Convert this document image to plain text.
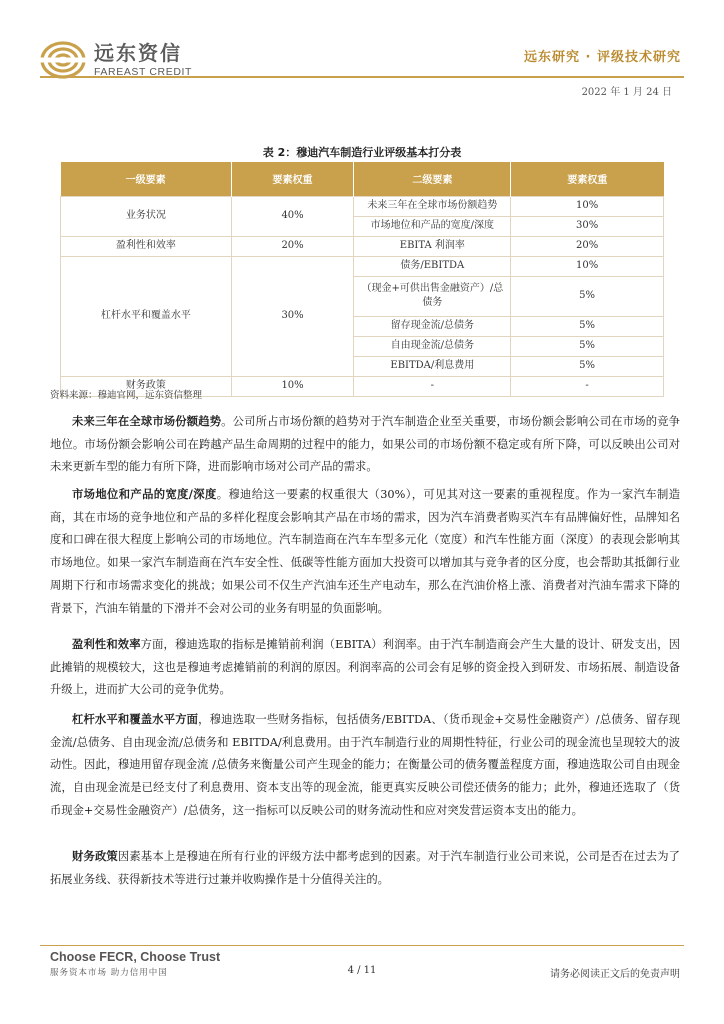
远东资信
FAREAST CREDIT
远东研究 · 评级技术研究
2022 年 1 月 24 日
表 2：穆迪汽车制造行业评级基本打分表
一级要素	要素权重	二级要素	要素权重
业务状况	40%	未来三年在全球市场份额趋势	10%
		市场地位和产品的宽度/深度	30%
盈利性和效率	20%	EBITA 利润率	20%
杠杆水平和覆盖水平	30%	债务/EBITDA	10%
		（现金+可供出售金融资产）/总债务	5%
		留存现金流/总债务	5%
		自由现金流/总债务	5%
		EBITDA/利息费用	5%
财务政策	10%	-	-
资料来源：穆迪官网，远东资信整理

未来三年在全球市场份额趋势。公司所占市场份额的趋势对于汽车制造企业至关重要，市场份额会影响公司在市场的竞争地位。市场份额会影响公司在跨越产品生命周期的过程中的能力，如果公司的市场份额不稳定或有所下降，可以反映出公司对未来更新车型的能力有所下降，进而影响市场对公司产品的需求。

市场地位和产品的宽度/深度。穆迪给这一要素的权重很大（30%），可见其对这一要素的重视程度。作为一家汽车制造商，其在市场的竞争地位和产品的多样化程度会影响其产品在市场的需求，因为汽车消费者购买汽车有品牌偏好性，品牌知名度和口碑在很大程度上影响公司的市场地位。汽车制造商在汽车车型多元化（宽度）和汽车性能方面（深度）的表现会影响其市场地位。如果一家汽车制造商在汽车安全性、低碳等性能方面加大投资可以增加其与竞争者的区分度，也会帮助其抵御行业周期下行和市场需求变化的挑战；如果公司不仅生产汽油车还生产电动车，那么在汽油价格上涨、消费者对汽油车需求下降的背景下，汽油车销量的下滑并不会对公司的业务有明显的负面影响。

盈利性和效率方面，穆迪选取的指标是摊销前利润（EBITA）利润率。由于汽车制造商会产生大量的设计、研发支出，因此摊销的规模较大，这也是穆迪考虑摊销前的利润的原因。利润率高的公司会有足够的资金投入到研发、市场拓展、制造设备升级上，进而扩大公司的竞争优势。

杠杆水平和覆盖水平方面，穆迪选取一些财务指标，包括债务/EBITDA、（货币现金+交易性金融资产）/总债务、留存现金流/总债务、自由现金流/总债务和 EBITDA/利息费用。由于汽车制造行业的周期性特征，行业公司的现金流也呈现较大的波动性。因此，穆迪用留存现金流 /总债务来衡量公司产生现金的能力；在衡量公司的债务覆盖程度方面，穆迪选取公司自由现金流，自由现金流是已经支付了利息费用、资本支出等的现金流，能更真实反映公司偿还债务的能力；此外，穆迪还选取了（货币现金+交易性金融资产）/总债务，这一指标可以反映公司的财务流动性和应对突发营运资本支出的能力。

财务政策因素基本上是穆迪在所有行业的评级方法中都考虑到的因素。对于汽车制造行业公司来说，公司是否在过去为了拓展业务线、获得新技术等进行过兼并收购操作是十分值得关注的。

Choose FECR, Choose Trust
服务资本市场 助力信用中国	4 / 11	请务必阅读正文后的免责声明
